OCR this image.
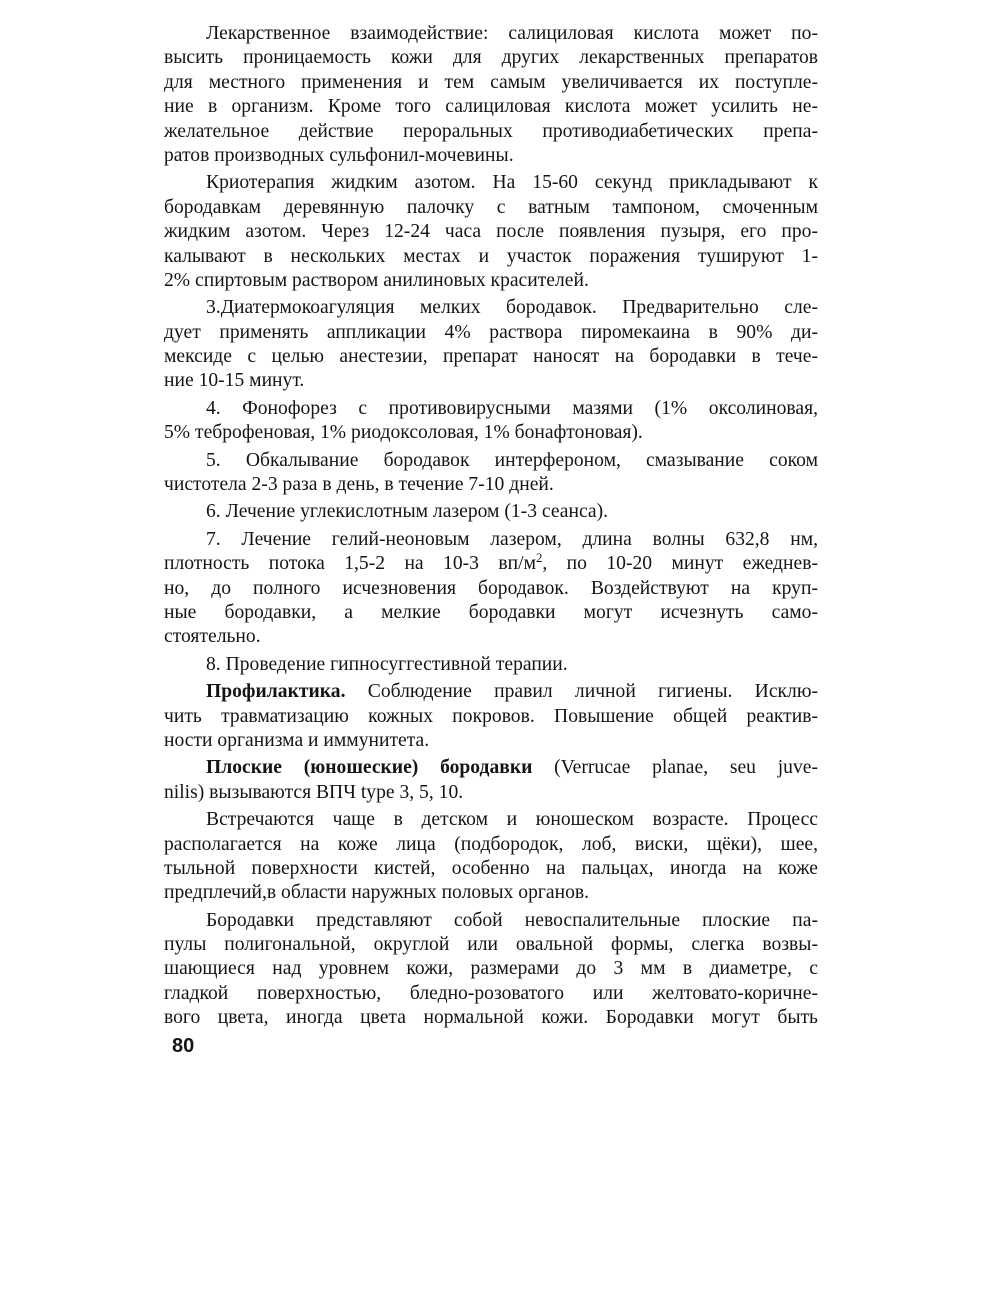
Лекарственное взаимодействие: салициловая кислота может по-
высить проницаемость кожи для других лекарственных препаратов
для местного применения и тем самым увеличивается их поступле-
ние в организм. Кроме того салициловая кислота может усилить не-
желательное действие пероральных противодиабетических препа-
ратов производных сульфонил-мочевины.
Криотерапия жидким азотом. На 15-60 секунд прикладывают к
бородавкам деревянную палочку с ватным тампоном, смоченным
жидким азотом. Через 12-24 часа после появления пузыря, его про-
калывают в нескольких местах и участок поражения тушируют 1-
2% спиртовым раствором анилиновых красителей.
3.Диатермокоагуляция мелких бородавок. Предварительно сле-
дует применять аппликации 4% раствора пиромекаина в 90% ди-
мексиде с целью анестезии, препарат наносят на бородавки в тече-
ние 10-15 минут.
4. Фонофорез с противовирусными мазями (1% оксолиновая,
5% теброфеновая, 1% риодоксоловая, 1% бонафтоновая).
5. Обкалывание бородавок интерфероном, смазывание соком
чистотела 2-3 раза в день, в течение 7-10 дней.
6. Лечение углекислотным лазером (1-3 сеанса).
7. Лечение гелий-неоновым лазером, длина волны 632,8 нм,
плотность потока 1,5-2 на 10-3 $вп/м^2$, по 10-20 минут ежеднев-
но, до полного исчезновения бородавок. Воздействуют на круп-
ные бородавки, а мелкие бородавки могут исчезнуть само-
стоятельно.
8. Проведение гипносуггестивной терапии.
Профилактика. Соблюдение правил личной гигиены. Исклю-
чить травматизацию кожных покровов. Повышение общей реактив-
ности организма и иммунитета.
Плоские (юношеские) бородавки (Verrucae planae, seu juve-
nilis) вызываются ВПЧ type 3, 5, 10.
Встречаются чаще в детском и юношеском возрасте. Процесс
располагается на коже лица (подбородок, лоб, виски, щёки), шее,
тыльной поверхности кистей, особенно на пальцах, иногда на коже
предплечий,в области наружных половых органов.
Бородавки представляют собой невоспалительные плоские па-
пулы полигональной, округлой или овальной формы, слегка возвы-
шающиеся над уровнем кожи, размерами до 3 мм в диаметре, с
гладкой поверхностью, бледно-розоватого или желтовато-коричне-
вого цвета, иногда цвета нормальной кожи. Бородавки могут быть
80
